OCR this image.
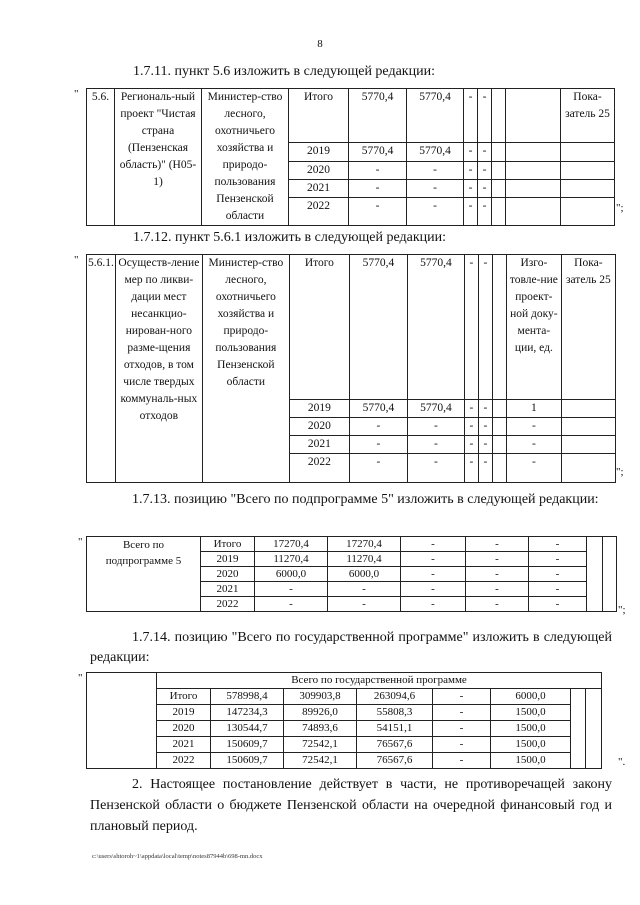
8
1.7.11. пункт 5.6 изложить в следующей редакции:
"
";
5.6.	Региональ-ный проект "Чистая страна (Пензенская область)" (Н05-1)	Министер-ство лесного, охотничьего хозяйства и природо-пользования Пензенской области	Итого	5770,4	5770,4	-	-			Пока-затель 25
			2019	5770,4	5770,4	-	-			
			2020	-	-	-	-			
			2021	-	-	-	-			
			2022	-	-	-	-			
1.7.12. пункт 5.6.1 изложить в следующей редакции:
"
";
5.6.1.	Осуществ-ление мер по ликви-дации мест несанкцио-нирован-ного разме-щения отходов, в том числе твердых коммуналь-ных отходов	Министер-ство лесного, охотничьего хозяйства и природо-пользования Пензенской области	Итого	5770,4	5770,4	-	-		Изго-товле-ние проект-ной доку-мента-ции, ед.	Пока-затель 25
			2019	5770,4	5770,4	-	-		1	
			2020	-	-	-	-		-	
			2021	-	-	-	-		-	
			2022	-	-	-	-		-	
1.7.13. позицию "Всего по подпрограмме 5" изложить в следующей редакции:
"
";
Всего по подпрограмме 5	Итого	17270,4	17270,4	-	-	-		
	2019	11270,4	11270,4	-	-	-		
	2020	6000,0	6000,0	-	-	-		
	2021	-	-	-	-	-		
	2022	-	-	-	-	-		
1.7.14. позицию "Всего по государственной программе" изложить в следующей редакции:
"
".
	Всего по государственной программе							
	Итого	578998,4	309903,8	263094,6	-	6000,0		
	2019	147234,3	89926,0	55808,3	-	1500,0		
	2020	130544,7	74893,6	54151,1	-	1500,0		
	2021	150609,7	72542,1	76567,6	-	1500,0		
	2022	150609,7	72542,1	76567,6	-	1500,0		
2. Настоящее постановление действует в части, не противоречащей закону Пензенской области о бюджете Пензенской области на очередной финансовый год и плановый период.
c:\users\shtoroh~1\appdata\local\temp\notes87944b\698-mn.docx
